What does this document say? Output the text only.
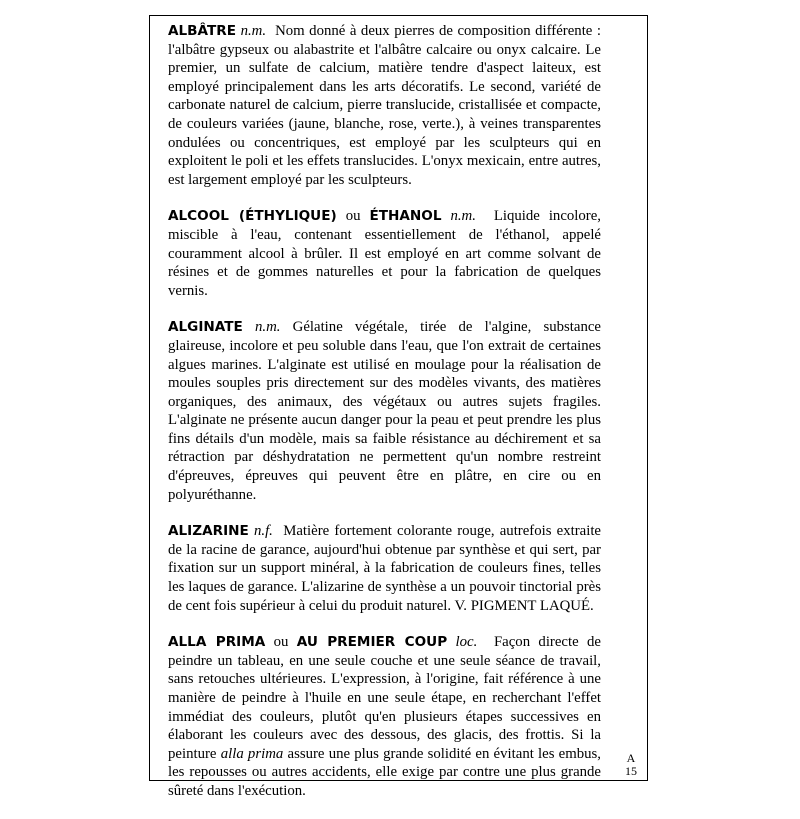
ALBÂTRE n.m. Nom donné à deux pierres de composition différente : l'albâtre gypseux ou alabastrite et l'albâtre calcaire ou onyx calcaire. Le premier, un sulfate de calcium, matière tendre d'aspect laiteux, est employé principalement dans les arts décoratifs. Le second, variété de carbonate naturel de calcium, pierre translucide, cristallisée et compacte, de couleurs variées (jaune, blanche, rose, verte.), à veines transparentes ondulées ou concentriques, est employé par les sculpteurs qui en exploitent le poli et les effets translucides. L'onyx mexicain, entre autres, est largement employé par les sculpteurs.

ALCOOL (ÉTHYLIQUE) ou ÉTHANOL n.m. Liquide incolore, miscible à l'eau, contenant essentiellement de l'éthanol, appelé couramment alcool à brûler. Il est employé en art comme solvant de résines et de gommes naturelles et pour la fabrication de quelques vernis.

ALGINATE n.m. Gélatine végétale, tirée de l'algine, substance glaireuse, incolore et peu soluble dans l'eau, que l'on extrait de certaines algues marines. L'alginate est utilisé en moulage pour la réalisation de moules souples pris directement sur des modèles vivants, des matières organiques, des animaux, des végétaux ou autres sujets fragiles. L'alginate ne présente aucun danger pour la peau et peut prendre les plus fins détails d'un modèle, mais sa faible résistance au déchirement et sa rétraction par déshydratation ne permettent qu'un nombre restreint d'épreuves, épreuves qui peuvent être en plâtre, en cire ou en polyuréthanne.

ALIZARINE n.f. Matière fortement colorante rouge, autrefois extraite de la racine de garance, aujourd'hui obtenue par synthèse et qui sert, par fixation sur un support minéral, à la fabrication de couleurs fines, telles les laques de garance. L'alizarine de synthèse a un pouvoir tinctorial près de cent fois supérieur à celui du produit naturel. V. PIGMENT LAQUÉ.

ALLA PRIMA ou AU PREMIER COUP loc. Façon directe de peindre un tableau, en une seule couche et une seule séance de travail, sans retouches ultérieures. L'expression, à l'origine, fait référence à une manière de peindre à l'huile en une seule étape, en recherchant l'effet immédiat des couleurs, plutôt qu'en plusieurs étapes successives en élaborant les couleurs avec des dessous, des glacis, des frottis. Si la peinture alla prima assure une plus grande solidité en évitant les embus, les repousses ou autres accidents, elle exige par contre une plus grande sûreté dans l'exécution.

A
15
